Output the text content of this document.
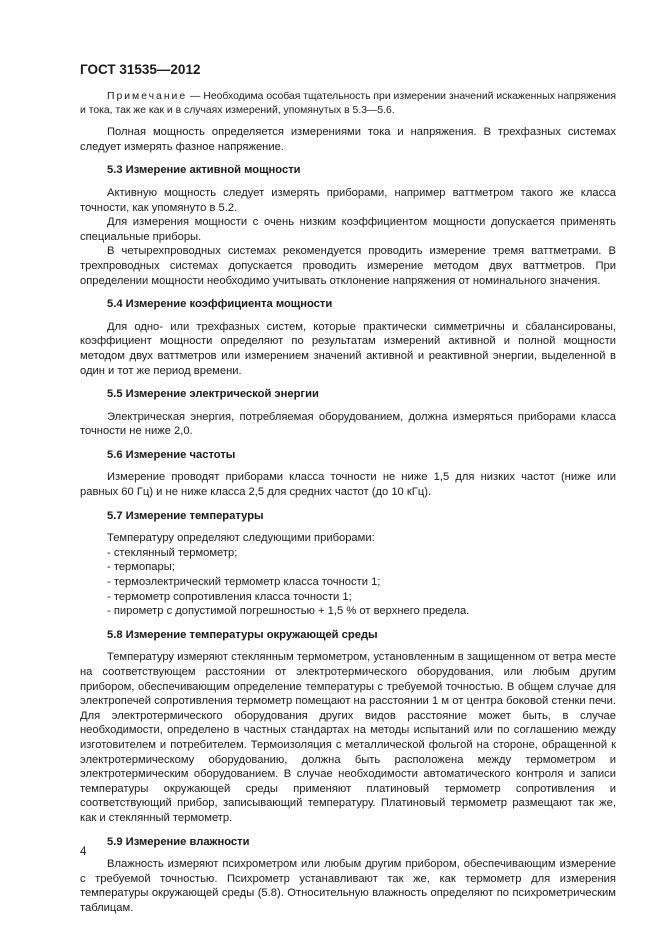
ГОСТ 31535—2012

Примечание — Необходима особая тщательность при измерении значений искаженных напряжения и тока, так же как и в случаях измерений, упомянутых в 5.3—5.6.

Полная мощность определяется измерениями тока и напряжения. В трехфазных системах следует измерять фазное напряжение.

5.3 Измерение активной мощности

Активную мощность следует измерять приборами, например ваттметром такого же класса точности, как упомянуто в 5.2.

Для измерения мощности с очень низким коэффициентом мощности допускается применять специальные приборы.

В четырехпроводных системах рекомендуется проводить измерение тремя ваттметрами. В трехпроводных системах допускается проводить измерение методом двух ваттметров. При определении мощности необходимо учитывать отклонение напряжения от номинального значения.

5.4 Измерение коэффициента мощности

Для одно- или трехфазных систем, которые практически симметричны и сбалансированы, коэффициент мощности определяют по результатам измерений активной и полной мощности методом двух ваттметров или измерением значений активной и реактивной энергии, выделенной в один и тот же период времени.

5.5 Измерение электрической энергии

Электрическая энергия, потребляемая оборудованием, должна измеряться приборами класса точности не ниже 2,0.

5.6 Измерение частоты

Измерение проводят приборами класса точности не ниже 1,5 для низких частот (ниже или равных 60 Гц) и не ниже класса 2,5 для средних частот (до 10 кГц).

5.7 Измерение температуры

Температуру определяют следующими приборами:

- стеклянный термометр;

- термопары;

- термоэлектрический термометр класса точности 1;

- термометр сопротивления класса точности 1;

- пирометр с допустимой погрешностью + 1,5 % от верхнего предела.

5.8 Измерение температуры окружающей среды

Температуру измеряют стеклянным термометром, установленным в защищенном от ветра месте на соответствующем расстоянии от электротермического оборудования, или любым другим прибором, обеспечивающим определение температуры с требуемой точностью. В общем случае для электропечей сопротивления термометр помещают на расстоянии 1 м от центра боковой стенки печи. Для электротермического оборудования других видов расстояние может быть, в случае необходимости, определено в частных стандартах на методы испытаний или по соглашению между изготовителем и потребителем. Термоизоляция с металлической фольгой на стороне, обращенной к электротермическому оборудованию, должна быть расположена между термометром и электротермическим оборудованием. В случае необходимости автоматического контроля и записи температуры окружающей среды применяют платиновый термометр сопротивления и соответствующий прибор, записывающий температуру. Платиновый термометр размещают так же, как и стеклянный термометр.

5.9 Измерение влажности

Влажность измеряют психрометром или любым другим прибором, обеспечивающим измерение с требуемой точностью. Психрометр устанавливают так же, как термометр для измерения температуры окружающей среды (5.8). Относительную влажность определяют по психрометрическим таблицам.

4
